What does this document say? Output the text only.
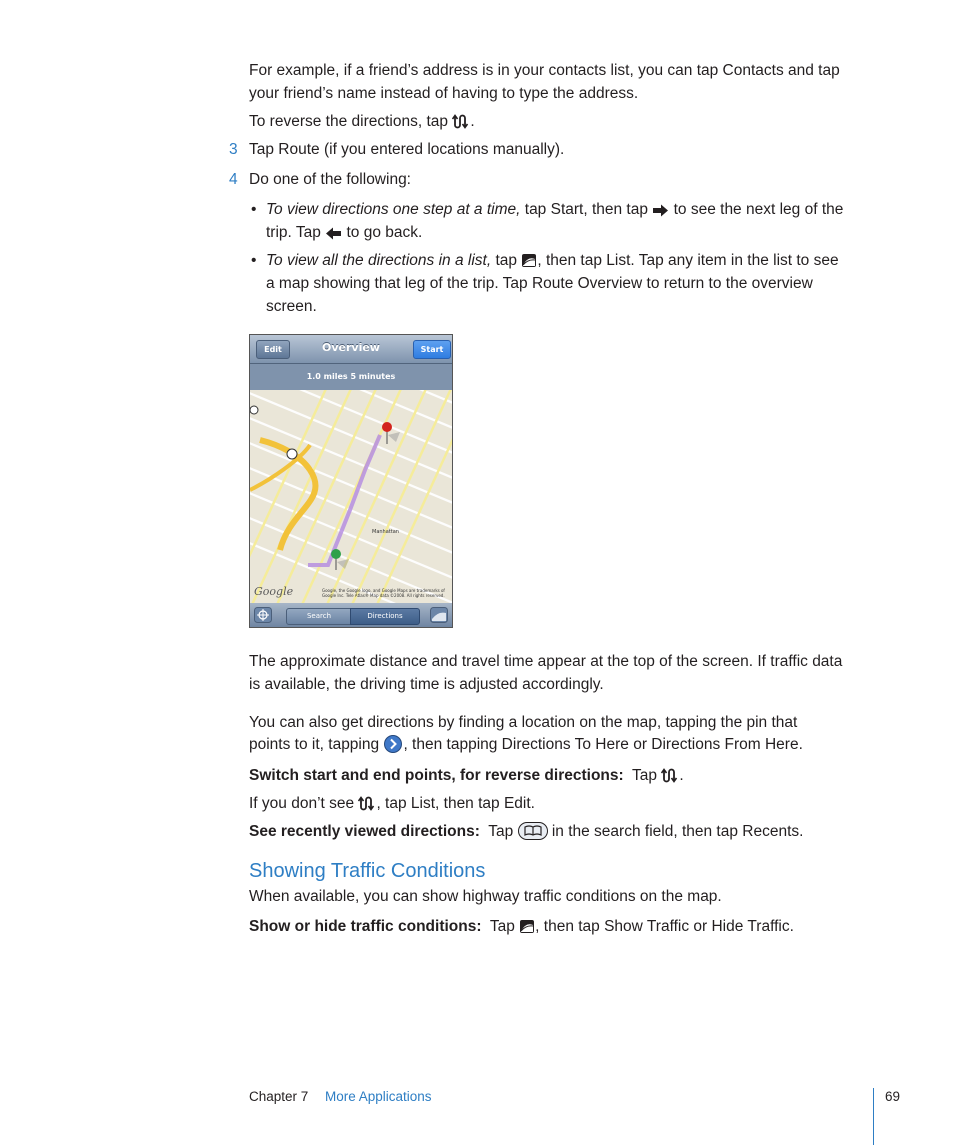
For example, if a friend’s address is in your contacts list, you can tap Contacts and tap
your friend’s name instead of having to type the address.
To reverse the directions, tap .
3 Tap Route (if you entered locations manually).
4 Do one of the following:
• To view directions one step at a time, tap Start, then tap  to see the next leg of the
trip. Tap  to go back.
• To view all the directions in a list, tap , then tap List. Tap any item in the list to see
a map showing that leg of the trip. Tap Route Overview to return to the overview
screen.
Manhattan
Edit	Overview	Start
1.0 miles 5 minutes
Google	Google, the Google logo, and Google Maps are trademarks of Google Inc. Tele Atlas® Map data ©2008. All rights reserved.
Search	Directions
The approximate distance and travel time appear at the top of the screen. If traffic data
is available, the driving time is adjusted accordingly.
You can also get directions by finding a location on the map, tapping the pin that
points to it, tapping , then tapping Directions To Here or Directions From Here.
Switch start and end points, for reverse directions: Tap .
If you don’t see , tap List, then tap Edit.
See recently viewed directions: Tap  in the search field, then tap Recents.
Showing Traffic Conditions
When available, you can show highway traffic conditions on the map.
Show or hide traffic conditions: Tap , then tap Show Traffic or Hide Traffic.
Chapter 7 More Applications	69
